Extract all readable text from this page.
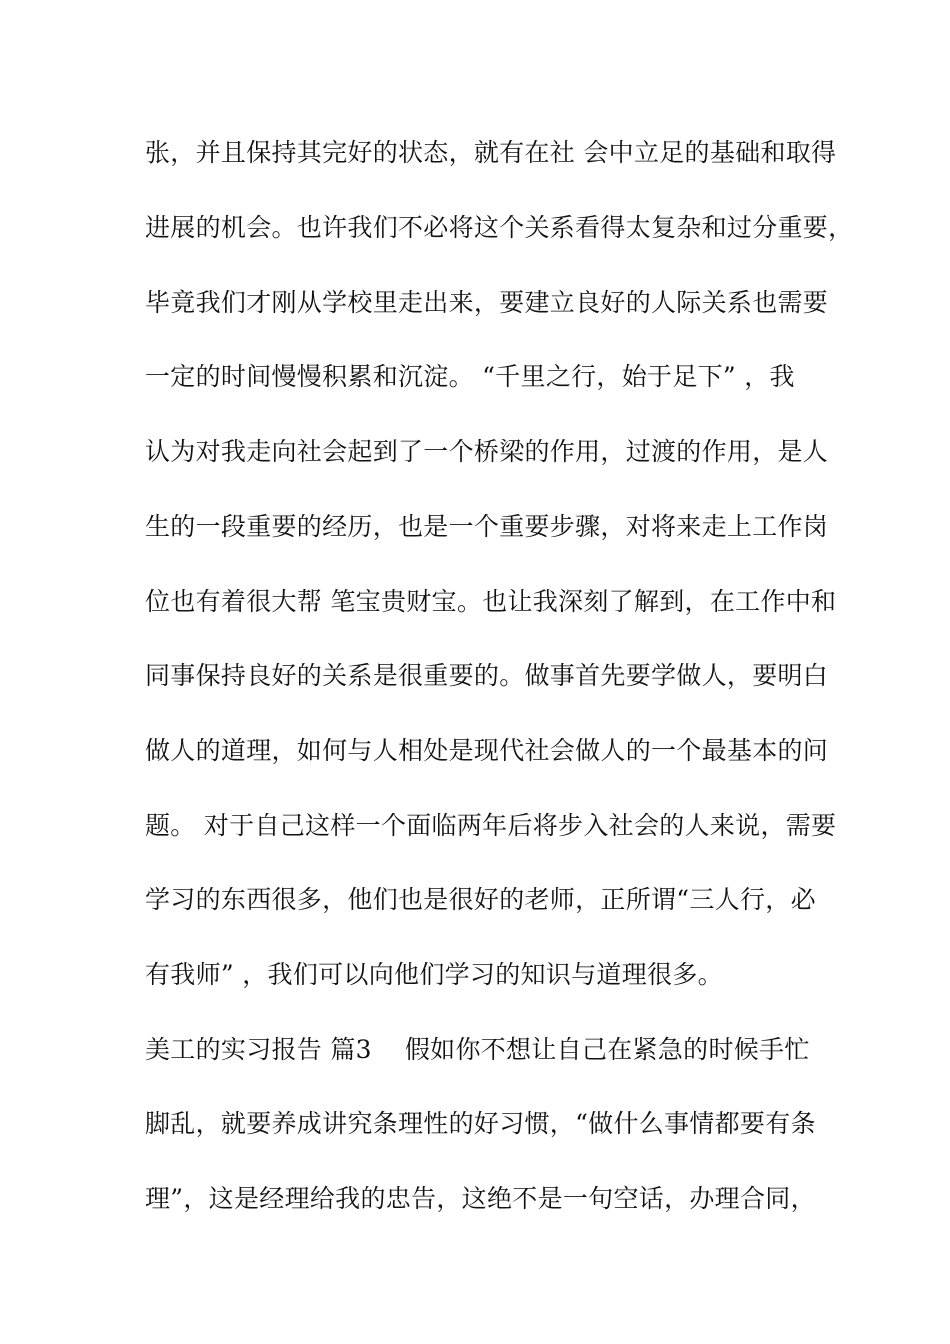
张，并且保持其完好的状态，就有在社 会中立足的基础和取得
进展的机会。也许我们不必将这个关系看得太复杂和过分重要，
毕竟我们才刚从学校里走出来，要建立良好的人际关系也需要
一定的时间慢慢积累和沉淀。 “千里之行，始于足下” ，我
认为对我走向社会起到了一个桥梁的作用，过渡的作用，是人
生的一段重要的经历，也是一个重要步骤，对将来走上工作岗
位也有着很大帮 笔宝贵财宝。也让我深刻了解到，在工作中和
同事保持良好的关系是很重要的。做事首先要学做人，要明白
做人的道理，如何与人相处是现代社会做人的一个最基本的问
题。 对于自己这样一个面临两年后将步入社会的人来说，需要
学习的东西很多，他们也是很好的老师，正所谓“三人行，必
有我师” ，我们可以向他们学习的知识与道理很多。
美工的实习报告 篇3    假如你不想让自己在紧急的时候手忙
脚乱，就要养成讲究条理性的好习惯，“做什么事情都要有条
理”，这是经理给我的忠告，这绝不是一句空话，办理合同，
